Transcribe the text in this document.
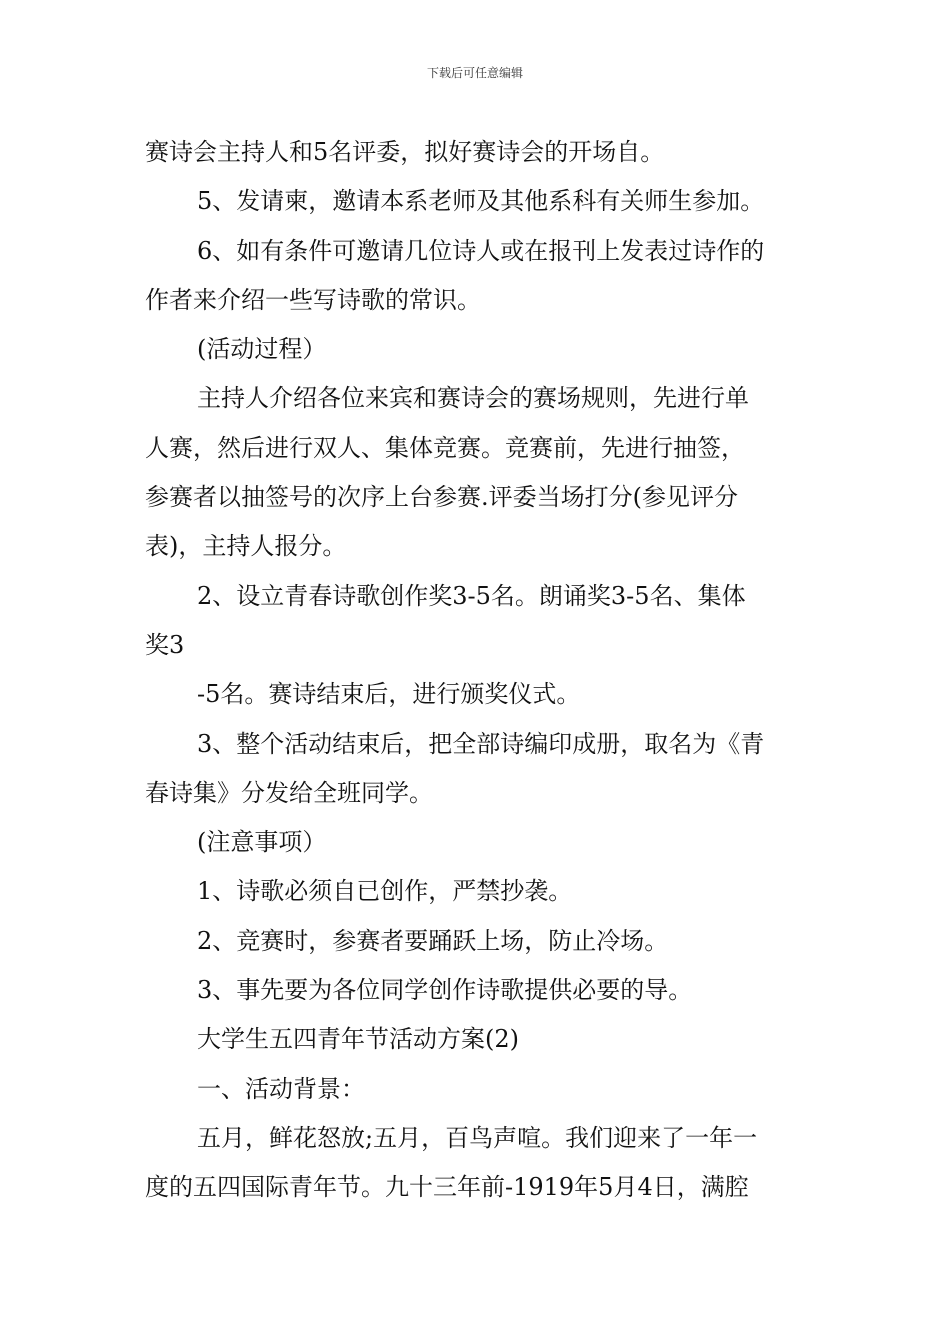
下载后可任意编辑
赛诗会主持人和5名评委，拟好赛诗会的开场自。
5、发请柬，邀请本系老师及其他系科有关师生参加。
6、如有条件可邀请几位诗人或在报刊上发表过诗作的
作者来介绍一些写诗歌的常识。
(活动过程）
主持人介绍各位来宾和赛诗会的赛场规则，先进行单
人赛，然后进行双人、集体竞赛。竞赛前，先进行抽签，
参赛者以抽签号的次序上台参赛.评委当场打分(参见评分
表)，主持人报分。
2、设立青春诗歌创作奖3-5名。朗诵奖3-5名、集体
奖3
-5名。赛诗结束后，进行颁奖仪式。
3、整个活动结束后，把全部诗编印成册，取名为《青
春诗集》分发给全班同学。
(注意事项）
1、诗歌必须自已创作，严禁抄袭。
2、竞赛时，参赛者要踊跃上场，防止冷场。
3、事先要为各位同学创作诗歌提供必要的导。
大学生五四青年节活动方案(2)
一、活动背景：
五月，鲜花怒放;五月，百鸟声喧。我们迎来了一年一
度的五四国际青年节。九十三年前-1919年5月4日，满腔
